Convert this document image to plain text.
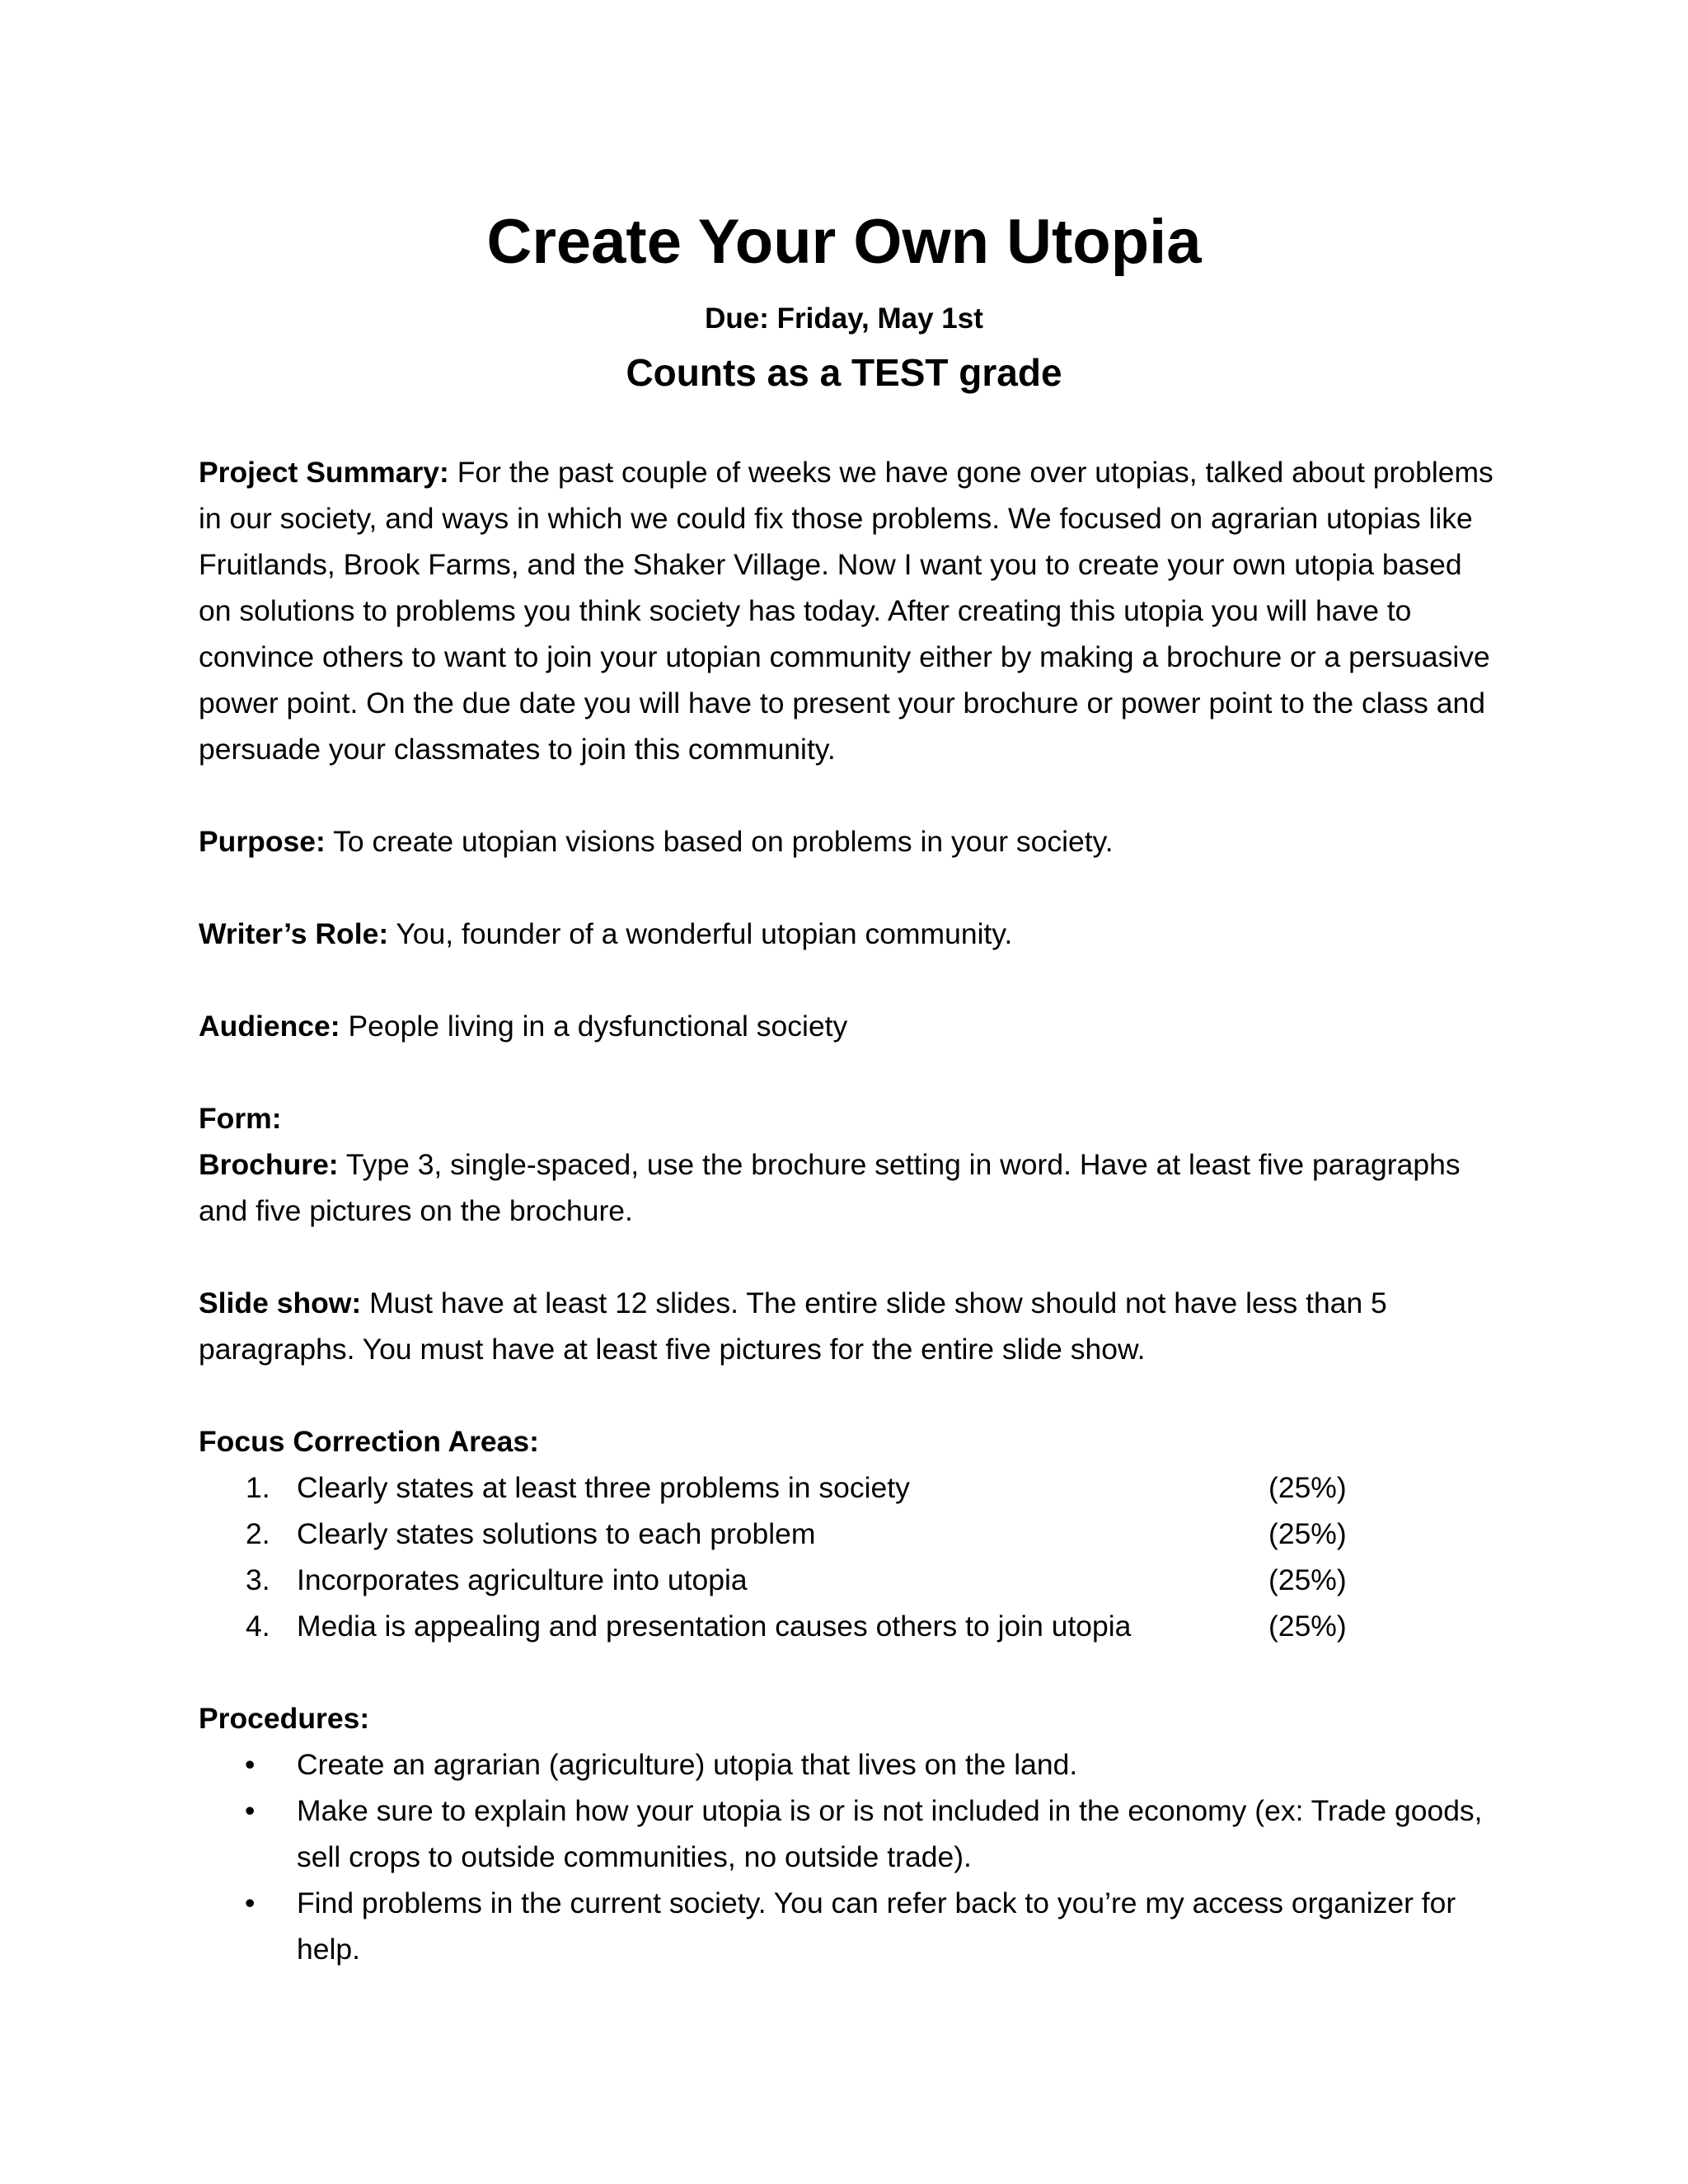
Create Your Own Utopia
Due: Friday, May 1st
Counts as a TEST grade

Project Summary: For the past couple of weeks we have gone over utopias, talked about problems in our society, and ways in which we could fix those problems. We focused on agrarian utopias like Fruitlands, Brook Farms, and the Shaker Village. Now I want you to create your own utopia based on solutions to problems you think society has today. After creating this utopia you will have to convince others to want to join your utopian community either by making a brochure or a persuasive power point. On the due date you will have to present your brochure or power point to the class and persuade your classmates to join this community.

Purpose: To create utopian visions based on problems in your society.

Writer’s Role: You, founder of a wonderful utopian community.

Audience: People living in a dysfunctional society

Form:

Brochure: Type 3, single-spaced, use the brochure setting in word. Have at least five paragraphs and five pictures on the brochure.

Slide show: Must have at least 12 slides. The entire slide show should not have less than 5 paragraphs. You must have at least five pictures for the entire slide show.

Focus Correction Areas:

1. Clearly states at least three problems in society	(25%)
2. Clearly states solutions to each problem	(25%)
3. Incorporates agriculture into utopia	(25%)
4. Media is appealing and presentation causes others to join utopia	(25%)

Procedures:

• Create an agrarian (agriculture) utopia that lives on the land.
• Make sure to explain how your utopia is or is not included in the economy (ex: Trade goods, sell crops to outside communities, no outside trade).
• Find problems in the current society. You can refer back to you’re my access organizer for help.
